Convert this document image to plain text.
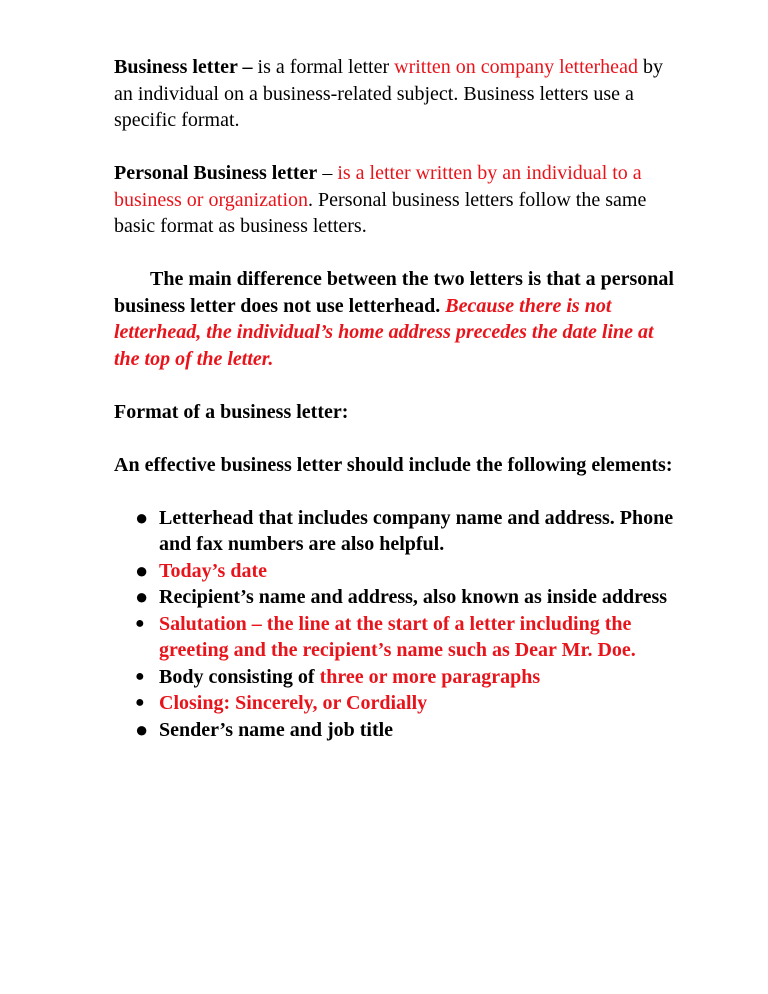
Business letter – is a formal letter written on company letterhead by an individual on a business-related subject. Business letters use a specific format.

Personal Business letter – is a letter written by an individual to a business or organization. Personal business letters follow the same basic format as business letters.

The main difference between the two letters is that a personal business letter does not use letterhead. Because there is not letterhead, the individual’s home address precedes the date line at the top of the letter.

Format of a business letter:

An effective business letter should include the following elements:

● Letterhead that includes company name and address. Phone and fax numbers are also helpful.
● Today’s date
● Recipient’s name and address, also known as inside address
● Salutation – the line at the start of a letter including the greeting and the recipient’s name such as Dear Mr. Doe.
● Body consisting of three or more paragraphs
● Closing: Sincerely, or Cordially
● Sender’s name and job title
